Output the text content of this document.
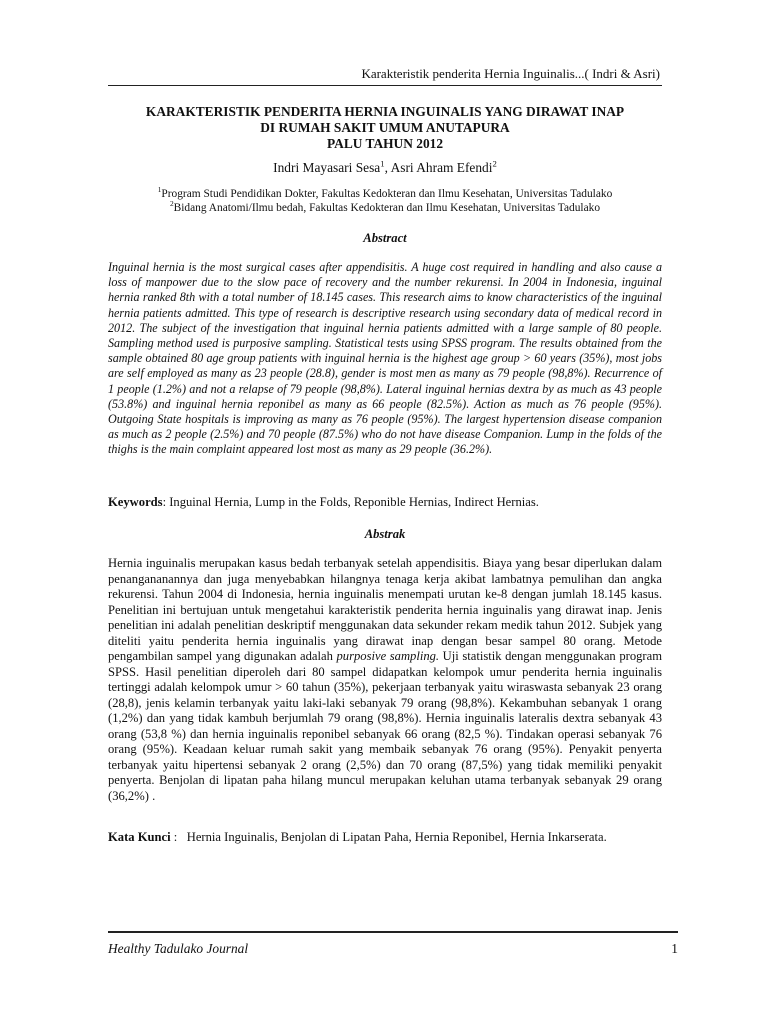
Karakteristik penderita Hernia Inguinalis...( Indri & Asri)
KARAKTERISTIK PENDERITA HERNIA INGUINALIS YANG DIRAWAT INAP
DI RUMAH SAKIT UMUM ANUTAPURA
PALU TAHUN 2012
Indri Mayasari Sesa$^1$, Asri Ahram Efendi$^2$
$^1$Program Studi Pendidikan Dokter, Fakultas Kedokteran dan Ilmu Kesehatan, Universitas Tadulako
$^2$Bidang Anatomi/Ilmu bedah, Fakultas Kedokteran dan Ilmu Kesehatan, Universitas Tadulako
Abstract

Inguinal hernia is the most surgical cases after appendisitis. A huge cost required in handling and also cause a loss of manpower due to the slow pace of recovery and the number rekurensi. In 2004 in Indonesia, inguinal hernia ranked 8th with a total number of 18.145 cases. This research aims to know characteristics of the inguinal hernia patients admitted. This type of research is descriptive research using secondary data of medical record in 2012. The subject of the investigation that inguinal hernia patients admitted with a large sample of 80 people. Sampling method used is purposive sampling. Statistical tests using SPSS program. The results obtained from the sample obtained 80 age group patients with inguinal hernia is the highest age group > 60 years (35%), most jobs are self employed as many as 23 people (28.8), gender is most men as many as 79 people (98,8%). Recurrence of 1 people (1.2%) and not a relapse of 79 people (98,8%). Lateral inguinal hernias dextra by as much as 43 people (53.8%) and inguinal hernia reponibel as many as 66 people (82.5%). Action as much as 76 people (95%). Outgoing State hospitals is improving as many as 76 people (95%). The largest hypertension disease companion as much as 2 people (2.5%) and 70 people (87.5%) who do not have disease Companion. Lump in the folds of the thighs is the main complaint appeared lost most as many as 29 people (36.2%).

Keywords: Inguinal Hernia, Lump in the Folds, Reponible Hernias, Indirect Hernias.
Abstrak

Hernia inguinalis merupakan kasus bedah terbanyak setelah appendisitis. Biaya yang besar diperlukan dalam penangananannya dan juga menyebabkan hilangnya tenaga kerja akibat lambatnya pemulihan dan angka rekurensi. Tahun 2004 di Indonesia, hernia inguinalis menempati urutan ke-8 dengan jumlah 18.145 kasus. Penelitian ini bertujuan untuk mengetahui karakteristik penderita hernia inguinalis yang dirawat inap. Jenis penelitian ini adalah penelitian deskriptif menggunakan data sekunder rekam medik tahun 2012. Subjek yang diteliti yaitu penderita hernia inguinalis yang dirawat inap dengan besar sampel 80 orang. Metode pengambilan sampel yang digunakan adalah purposive sampling. Uji statistik dengan menggunakan program SPSS. Hasil penelitian diperoleh dari 80 sampel didapatkan kelompok umur penderita hernia inguinalis tertinggi adalah kelompok umur > 60 tahun (35%), pekerjaan terbanyak yaitu wiraswasta sebanyak 23 orang (28,8), jenis kelamin terbanyak yaitu laki-laki sebanyak 79 orang (98,8%). Kekambuhan sebanyak 1 orang (1,2%) dan yang tidak kambuh berjumlah 79 orang (98,8%). Hernia inguinalis lateralis dextra sebanyak 43 orang (53,8 %) dan hernia inguinalis reponibel sebanyak 66 orang (82,5 %). Tindakan operasi sebanyak 76 orang (95%). Keadaan keluar rumah sakit yang membaik sebanyak 76 orang (95%). Penyakit penyerta terbanyak yaitu hipertensi sebanyak 2 orang (2,5%) dan 70 orang (87,5%) yang tidak memiliki penyakit penyerta. Benjolan di lipatan paha hilang muncul merupakan keluhan utama terbanyak sebanyak 29 orang (36,2%) .

Kata Kunci : Hernia Inguinalis, Benjolan di Lipatan Paha, Hernia Reponibel, Hernia Inkarserata.
Healthy Tadulako Journal	1
